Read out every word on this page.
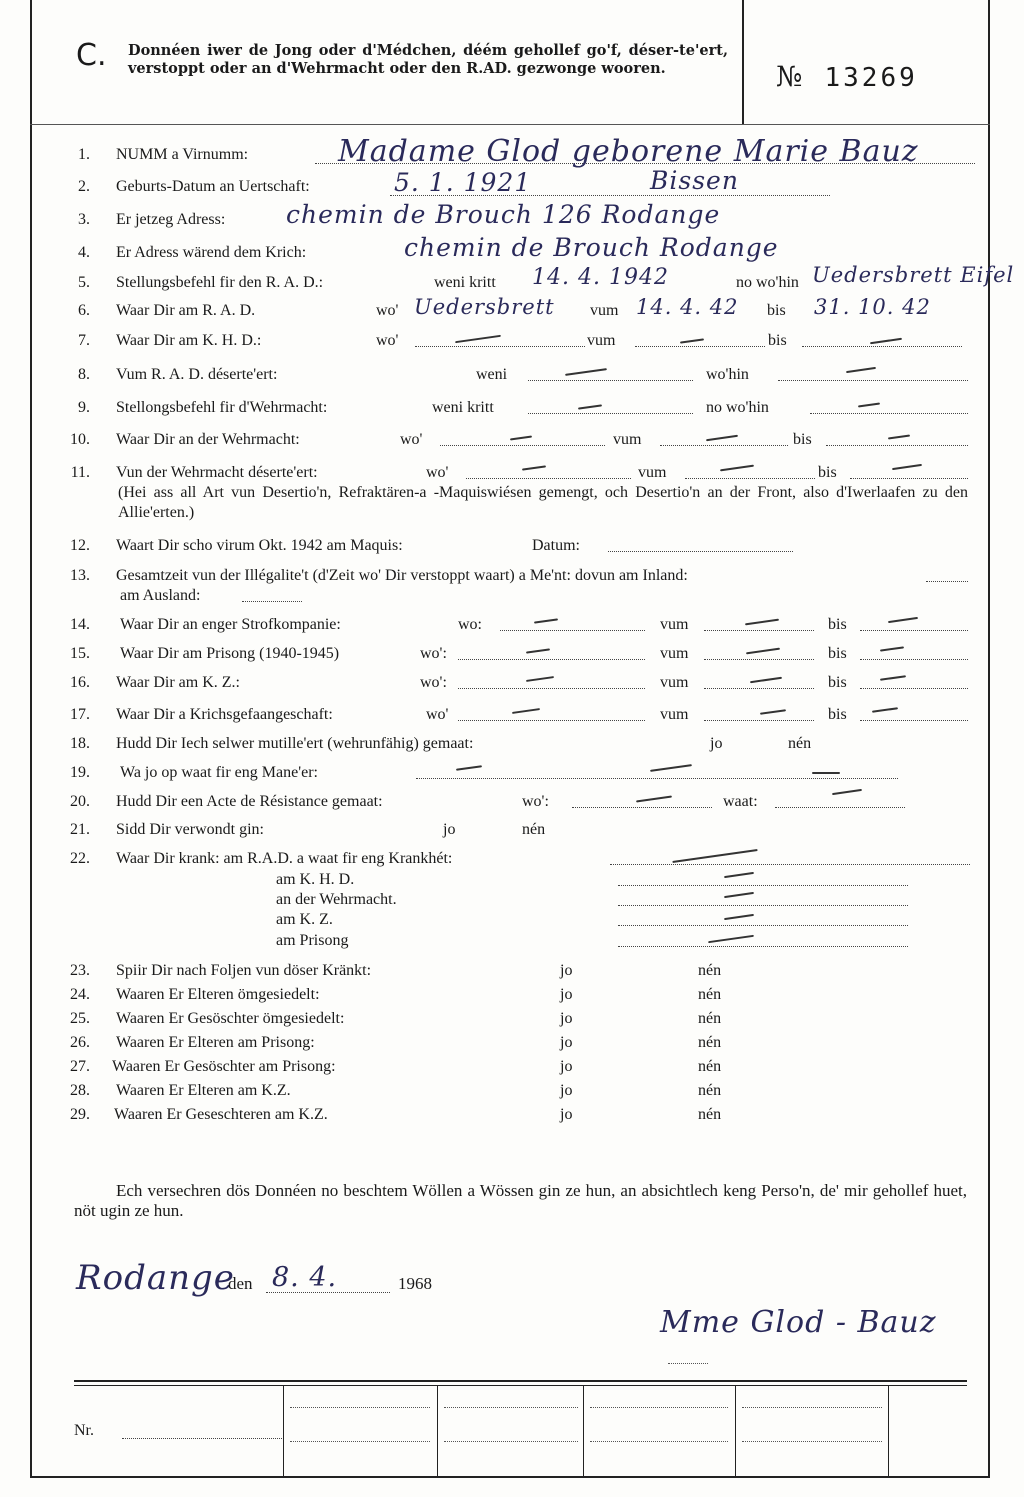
C. Donnéen iwer de Jong oder d'Médchen, déém gehollef go'f, déser-te'ert, verstoppt oder an d'Wehrmacht oder den R.AD. gezwonge wooren.	№ 13269
1. NUMM a Virnumm:	Madame Glod geborene Marie Bauz
2. Geburts-Datum an Uertschaft:	5. 1. 1921	Bissen
3. Er jetzeg Adress: chemin de Brouch 126 Rodange
4. Er Adress wärend dem Krich:	chemin de Brouch Rodange
5. Stellungsbefehl fir den R. A. D.:	weni kritt	no wo'hin
14. 4. 1942	Uedersbrett Eifel
6. Waar Dir am R. A. D.	wo'	vum	bis
Uedersbrett	14. 4. 42	31. 10. 42
7. Waar Dir am K. H. D.:	wo'	vum	bis
8. Vum R. A. D. déserte'ert:	weni	wo'hin
9. Stellongsbefehl fir d'Wehrmacht:	weni kritt	no wo'hin
10. Waar Dir an der Wehrmacht:	wo'	vum	bis
11. Vun der Wehrmacht déserte'ert:	wo'	vum	bis
(Hei ass all Art vun Desertio'n, Refraktären-a -Maquiswiésen gemengt, och Desertio'n an der Front, also d'Iwerlaafen zu den Allie'erten.)
12. Waart Dir scho virum Okt. 1942 am Maquis:	Datum:
13. Gesamtzeit vun der Illégalite't (d'Zeit wo' Dir verstoppt waart) a Me'nt: dovun am Inland:
am Ausland:
14. Waar Dir an enger Strofkompanie:	wo:	vum	bis
15. Waar Dir am Prisong (1940-1945)	wo':	vum	bis
16. Waar Dir am K. Z.:	wo':	vum	bis
17. Waar Dir a Krichsgefaangeschaft:	wo'	vum	bis
18. Hudd Dir Iech selwer mutille'ert (wehrunfähig) gemaat:	jo	nén
19. Wa jo op waat fir eng Mane'er:
20. Hudd Dir een Acte de Résistance gemaat:	wo':	waat:
21. Sidd Dir verwondt gin:	jo	nén
22. Waar Dir krank: am R.A.D. a waat fir eng Krankhét:
am K. H. D.
an der Wehrmacht.
am K. Z.
am Prisong
23. Spiir Dir nach Foljen vun döser Kränkt:	jo	nén
24. Waaren Er Elteren ömgesiedelt:	jo	nén
25. Waaren Er Gesöschter ömgesiedelt:	jo	nén
26. Waaren Er Elteren am Prisong:	jo	nén
27. Waaren Er Gesöschter am Prisong:	jo	nén
28. Waaren Er Elteren am K.Z.	jo	nén
29. Waaren Er Geseschteren am K.Z.	jo	nén
Ech versechren dös Donnéen no beschtem Wöllen a Wössen gin ze hun, an absichtlech keng Perso'n, de' mir gehollef huet, nöt ugin ze hun.
Rodange
den	1968
8. 4.
Mme Glod - Bauz
Nr.
